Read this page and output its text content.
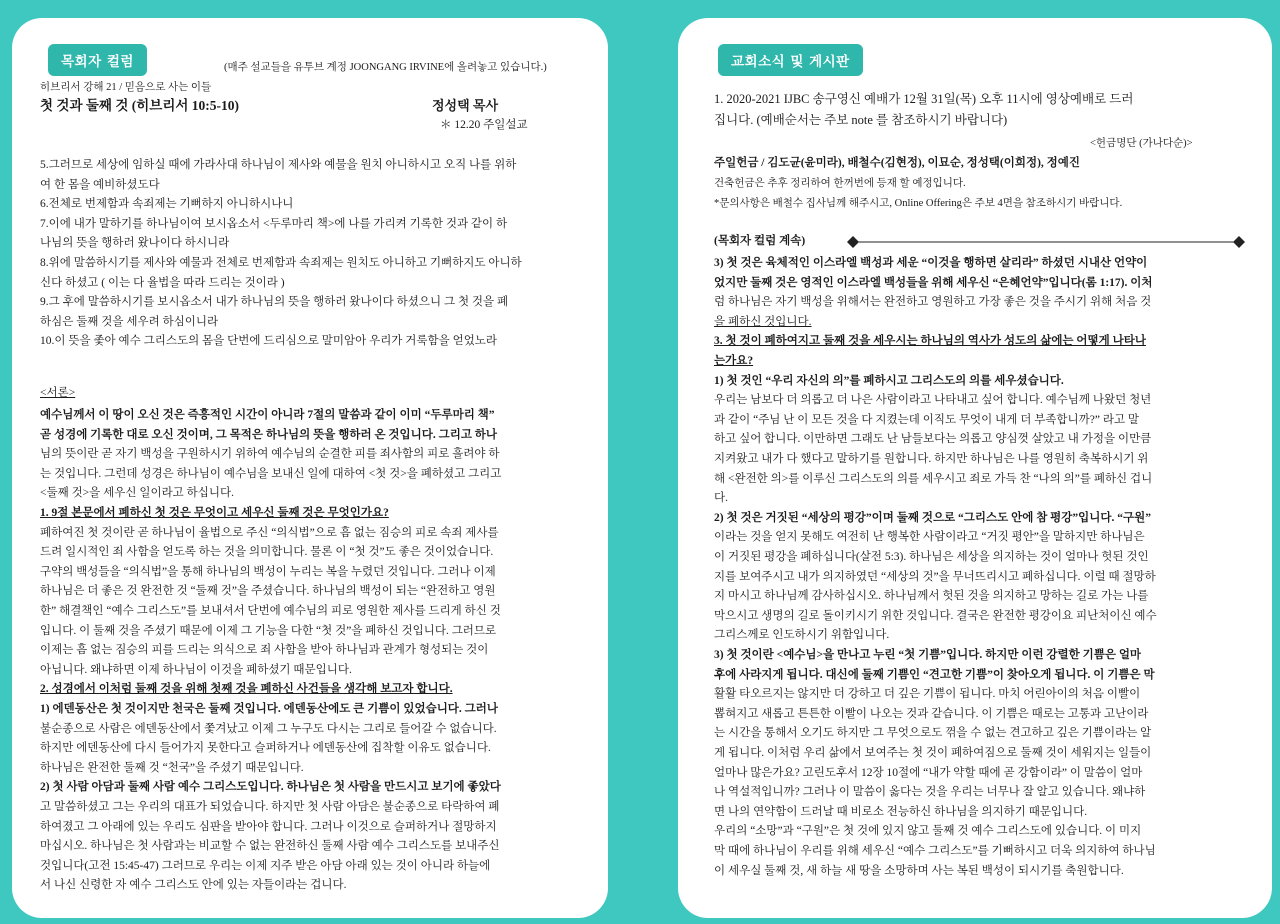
목회자 컬럼	(매주 설교들을 유투브 계정 JOONGANG IRVINE에 올려놓고 있습니다.)
히브리서 강해 21 / 믿음으로 사는 이들
첫 것과 둘째 것 (히브리서 10:5-10)	정성택 목사
＊ 12.20 주일설교
5.그러므로 세상에 임하실 때에 가라사대 하나님이 제사와 예물을 원치 아니하시고 오직 나를 위하
여 한 몸을 예비하셨도다
6.전체로 번제함과 속죄제는 기뻐하지 아니하시나니
7.이에 내가 말하기를 하나님이여 보시옵소서 <두루마리 책>에 나를 가리켜 기록한 것과 같이 하
나님의 뜻을 행하러 왔나이다 하시니라
8.위에 말씀하시기를 제사와 예물과 전체로 번제함과 속죄제는 원치도 아니하고 기뻐하지도 아니하
신다 하셨고 ( 이는 다 율법을 따라 드리는 것이라 )
9.그 후에 말씀하시기를 보시옵소서 내가 하나님의 뜻을 행하러 왔나이다 하셨으니 그 첫 것을 폐
하심은 둘째 것을 세우려 하심이니라
10.이 뜻을 좇아 예수 그리스도의 몸을 단번에 드리심으로 말미암아 우리가 거룩함을 얻었노라
<서론>
예수님께서 이 땅이 오신 것은 즉흥적인 시간이 아니라 7절의 말씀과 같이 이미 “두루마리 책”
곧 성경에 기록한 대로 오신 것이며, 그 목적은 하나님의 뜻을 행하러 온 것입니다. 그리고 하나
님의 뜻이란 곧 자기 백성을 구원하시기 위하여 예수님의 순결한 피를 죄사함의 피로 흘려야 하
는 것입니다. 그런데 성경은 하나님이 예수님을 보내신 일에 대하여 <첫 것>을 폐하셨고 그리고
<둘째 것>을 세우신 일이라고 하십니다.
1. 9절 본문에서 폐하신 첫 것은 무엇이고 세우신 둘째 것은 무엇인가요?
폐하여진 첫 것이란 곧 하나님이 율법으로 주신 “의식법”으로 흠 없는 짐승의 피로 속죄 제사를
드려 일시적인 죄 사함을 얻도록 하는 것을 의미합니다. 물론 이 “첫 것”도 좋은 것이었습니다.
구약의 백성들을 “의식법”을 통해 하나님의 백성이 누리는 복을 누렸던 것입니다. 그러나 이제
하나님은 더 좋은 것 완전한 것 “둘째 것”을 주셨습니다. 하나님의 백성이 되는 “완전하고 영원
한” 해결책인 “예수 그리스도”를 보내셔서 단번에 예수님의 피로 영원한 제사를 드리게 하신 것
입니다. 이 둘째 것을 주셨기 때문에 이제 그 기능을 다한 “첫 것”을 폐하신 것입니다. 그러므로
이제는 흠 없는 짐승의 피를 드리는 의식으로 죄 사함을 받아 하나님과 관계가 형성되는 것이
아닙니다. 왜냐하면 이제 하나님이 이것을 폐하셨기 때문입니다.
2. 성경에서 이처럼 둘째 것을 위해 첫째 것을 폐하신 사건들을 생각해 보고자 합니다.
1) 에덴동산은 첫 것이지만 천국은 둘째 것입니다. 에덴동산에도 큰 기쁨이 있었습니다. 그러나
불순종으로 사람은 에덴동산에서 쫓겨났고 이제 그 누구도 다시는 그리로 들어갈 수 없습니다.
하지만 에덴동산에 다시 들어가지 못한다고 슬퍼하거나 에덴동산에 집착할 이유도 없습니다.
하나님은 완전한 둘째 것 “천국”을 주셨기 때문입니다.
2) 첫 사람 아담과 둘째 사람 예수 그리스도입니다. 하나님은 첫 사람을 만드시고 보기에 좋았다
고 말씀하셨고 그는 우리의 대표가 되었습니다. 하지만 첫 사람 아담은 불순종으로 타락하여 폐
하여졌고 그 아래에 있는 우리도 심판을 받아야 합니다. 그러나 이것으로 슬퍼하거나 절망하지
마십시오. 하나님은 첫 사람과는 비교할 수 없는 완전하신 둘째 사람 예수 그리스도를 보내주신
것입니다(고전 15:45-47) 그러므로 우리는 이제 지주 받은 아담 아래 있는 것이 아니라 하늘에
서 나신 신령한 자 예수 그리스도 안에 있는 자들이라는 겁니다.
교회소식 및 게시판
1. 2020-2021 IJBC 송구영신 예배가 12월 31일(목) 오후 11시에 영상예배로 드러
집니다. (예배순서는 주보 note 를 참조하시기 바랍니다)
<헌금명단 (가나다순)>
주일헌금 / 김도균(윤미라), 배철수(김현정), 이묘순, 정성택(이희정), 정예진
건축헌금은 추후 정리하여 한꺼번에 등재 할 예정입니다.
*문의사항은 배철수 집사님께 해주시고, Online Offering은 주보 4면을 참조하시기 바랍니다.
(목회자 컬럼 계속)
3) 첫 것은 육체적인 이스라엘 백성과 세운 “이것을 행하면 살리라” 하셨던 시내산 언약이
었지만 둘째 것은 영적인 이스라엘 백성들을 위해 세우신 “은혜언약”입니다(롬 1:17). 이처
럼 하나님은 자기 백성을 위해서는 완전하고 영원하고 가장 좋은 것을 주시기 위해 처음 것
을 폐하신 것입니다.
3. 첫 것이 폐하여지고 둘째 것을 세우시는 하나님의 역사가 성도의 삶에는 어떻게 나타나
는가요?
1) 첫 것인 “우리 자신의 의”를 폐하시고 그리스도의 의를 세우셨습니다.
우리는 남보다 더 의롭고 더 나은 사람이라고 나타내고 싶어 합니다. 예수님께 나왔던 청년
과 같이 “주님 난 이 모든 것을 다 지켰는데 이직도 무엇이 내게 더 부족합니까?” 라고 말
하고 싶어 합니다. 이만하면 그래도 난 남들보다는 의롭고 양심껏 살았고 내 가정을 이만큼
지켜왔고 내가 다 했다고 말하기를 원합니다. 하지만 하나님은 나를 영원히 축복하시기 위
해 <완전한 의>를 이루신 그리스도의 의를 세우시고 죄로 가득 찬 “나의 의”를 폐하신 겁니
다.
2) 첫 것은 거짓된 “세상의 평강”이며 둘째 것으로 “그리스도 안에 참 평강”입니다. “구원”
이라는 것을 얻지 못해도 여전히 난 행복한 사람이라고 “거짓 평안”을 말하지만 하나님은
이 거짓된 평강을 폐하십니다(살전 5:3). 하나님은 세상을 의지하는 것이 얼마나 헛된 것인
지를 보여주시고 내가 의지하였던 “세상의 것”을 무너뜨리시고 폐하십니다. 이럴 때 절망하
지 마시고 하나님께 감사하십시오. 하나님께서 헛된 것을 의지하고 망하는 길로 가는 나를
막으시고 생명의 길로 돌이키시기 위한 것입니다. 결국은 완전한 평강이요 피난처이신 예수
그리스께로 인도하시기 위함입니다.
3) 첫 것이란 <예수님>을 만나고 누린 “첫 기쁨”입니다. 하지만 이런 강렬한 기쁨은 얼마
후에 사라지게 됩니다. 대신에 둘째 기쁨인 “견고한 기쁨”이 찾아오게 됩니다. 이 기쁨은 막
활활 타오르지는 않지만 더 강하고 더 깊은 기쁨이 됩니다. 마치 어린아이의 처음 이빨이
뽑혀지고 새롭고 튼튼한 이빨이 나오는 것과 같습니다. 이 기쁨은 때로는 고통과 고난이라
는 시간을 통해서 오기도 하지만 그 무엇으로도 꺾을 수 없는 견고하고 깊은 기쁨이라는 알
게 됩니다. 이처럼 우리 삶에서 보여주는 첫 것이 폐하여짐으로 둘째 것이 세워지는 일들이
얼마나 많은가요? 고린도후서 12장 10절에 “내가 약할 때에 곧 강함이라” 이 말씀이 얼마
나 역설적입니까? 그러나 이 말씀이 옳다는 것을 우리는 너무나 잘 알고 있습니다. 왜냐하
면 나의 연약함이 드러날 때 비로소 전능하신 하나님을 의지하기 때문입니다.
우리의 “소망”과 “구원”은 첫 것에 있지 않고 둘째 것 예수 그리스도에 있습니다. 이 미지
막 때에 하나님이 우리를 위해 세우신 “예수 그리스도”를 기뻐하시고 더욱 의지하여 하나님
이 세우실 둘째 것, 새 하늘 새 땅을 소망하며 사는 복된 백성이 되시기를 축원합니다.
